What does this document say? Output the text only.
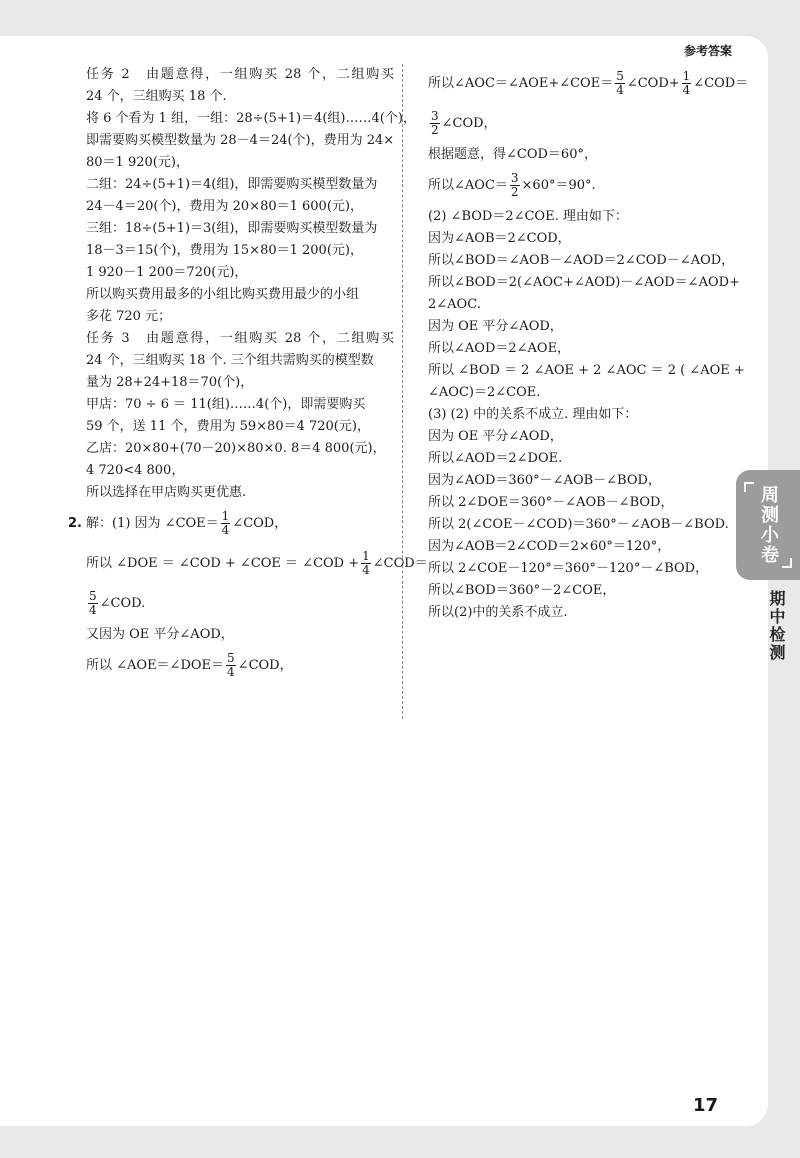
参考答案
任务 2　由题意得，一组购买 28 个，二组购买
24 个，三组购买 18 个.
将 6 个看为 1 组，一组：28÷(5+1)＝4(组)……4(个)，
即需要购买模型数量为 28－4＝24(个)，费用为 24×
80＝1 920(元)，
二组：24÷(5+1)＝4(组)，即需要购买模型数量为
24－4＝20(个)，费用为 20×80＝1 600(元)，
三组：18÷(5+1)＝3(组)，即需要购买模型数量为
18－3＝15(个)，费用为 15×80＝1 200(元)，
1 920－1 200＝720(元)，
所以购买费用最多的小组比购买费用最少的小组
多花 720 元；
任务 3　由题意得，一组购买 28 个，二组购买
24 个，三组购买 18 个. 三个组共需购买的模型数
量为 28+24+18＝70(个)，
甲店：70 ÷ 6 ＝ 11(组)……4(个)，即需要购买
59 个，送 11 个，费用为 59×80＝4 720(元)，
乙店：20×80+(70－20)×80×0. 8＝4 800(元)，
4 720<4 800，
所以选择在甲店购买更优惠.
2. 解：(1) 因为 ∠COE＝ $\frac{1}{4}$ ∠COD，
所以 ∠DOE ＝ ∠COD + ∠COE ＝ ∠COD + $\frac{1}{4}$ ∠COD＝
$\frac{5}{4}$ ∠COD.
又因为 OE 平分∠AOD，
所以 ∠AOE＝∠DOE＝ $\frac{5}{4}$ ∠COD，
所以∠AOC＝∠AOE+∠COE＝ $\frac{5}{4}$ ∠COD+ $\frac{1}{4}$ ∠COD＝
$\frac{3}{2}$ ∠COD，
根据题意，得∠COD＝60°，
所以∠AOC＝ $\frac{3}{2} \times 60^\circ=90^\circ$.
(2) ∠BOD＝2∠COE. 理由如下：
因为∠AOB＝2∠COD，
所以∠BOD＝∠AOB－∠AOD＝2∠COD－∠AOD，
所以∠BOD＝2(∠AOC+∠AOD)－∠AOD＝∠AOD+
2∠AOC.
因为 OE 平分∠AOD，
所以∠AOD＝2∠AOE，
所以 ∠BOD ＝ 2 ∠AOE + 2 ∠AOC ＝ 2 ( ∠AOE +
∠AOC)＝2∠COE.
(3) (2) 中的关系不成立. 理由如下：
因为 OE 平分∠AOD，
所以∠AOD＝2∠DOE.
因为∠AOD＝360°－∠AOB－∠BOD，
所以 2∠DOE＝360°－∠AOB－∠BOD，
所以 2(∠COE－∠COD)＝360°－∠AOB－∠BOD.
因为∠AOB＝2∠COD＝2×60°＝120°，
所以 2∠COE－120°＝360°－120°－∠BOD，
所以∠BOD＝360°－2∠COE，
所以(2)中的关系不成立.
17
周测小卷
期中检测
